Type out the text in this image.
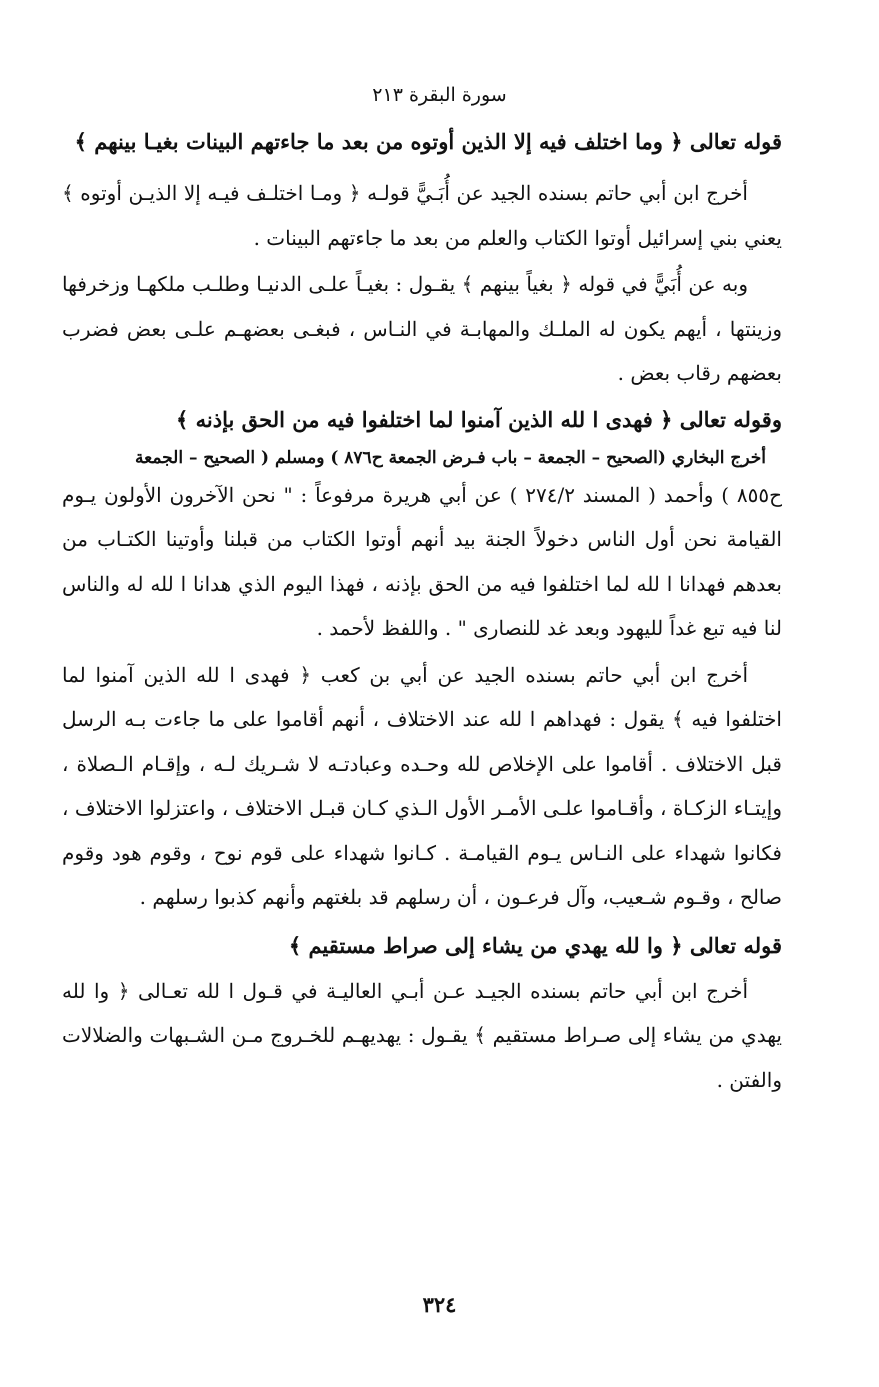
سورة البقرة ٢١٣

قوله تعالى ﴿ وما اختلف فيه إلا الذين أوتوه من بعد ما جاءتهم البينات بغيـا بينهم ﴾

أخرج ابن أبي حاتم بسنده الجيد عن أُبَـيًّ قولـه ﴿ ومـا اختلـف فيـه إلا الذيـن أوتوه ﴾ يعني بني إسرائيل أوتوا الكتاب والعلم من بعد ما جاءتهم البينات .

وبه عن أُبَيًّ في قوله ﴿ بغياً بينهم ﴾ يقـول : بغيـاً علـى الدنيـا وطلـب ملكهـا وزخرفها وزينتها ، أيهم يكون له الملـك والمهابـة في النـاس ، فبغـى بعضهـم علـى بعض فضرب بعضهم رقاب بعض .

وقوله تعالى ﴿ فهدى ا لله الذين آمنوا لما اختلفوا فيه من الحق بإذنه ﴾

أخرج البخاري (الصحيح – الجمعة – باب فـرض الجمعة ح٨٧٦ ) ومسلم ( الصحيح – الجمعة

ح٨٥٥ ) وأحمد ( المسند ٢٧٤/٢ ) عن أبي هريرة مرفوعاً : " نحن الآخرون الأولون يـوم القيامة نحن أول الناس دخولاً الجنة بيد أنهم أوتوا الكتاب من قبلنا وأوتينا الكتـاب من بعدهم فهدانا ا لله لما اختلفوا فيه من الحق بإذنه ، فهذا اليوم الذي هدانا ا لله له والناس لنا فيه تبع غداً لليهود وبعد غد للنصارى " . واللفظ لأحمد .

أخرج ابن أبي حاتم بسنده الجيد عن أبي بن كعب ﴿ فهدى ا لله الذين آمنوا لما اختلفوا فيه ﴾ يقول : فهداهم ا لله عند الاختلاف ، أنهم أقاموا على ما جاءت بـه الرسل قبل الاختلاف . أقاموا على الإخلاص لله وحـده وعبادتـه لا شـريك لـه ، وإقـام الـصلاة ، وإيتـاء الزكـاة ، وأقـاموا علـى الأمـر الأول الـذي كـان قبـل الاختلاف ، واعتزلوا الاختلاف ، فكانوا شهداء على النـاس يـوم القيامـة . كـانوا شهداء على قوم نوح ، وقوم هود وقوم صالح ، وقـوم شـعيب، وآل فرعـون ، أن رسلهم قد بلغتهم وأنهم كذبوا رسلهم .

قوله تعالى ﴿ وا لله يهدي من يشاء إلى صراط مستقيم ﴾

أخرج ابن أبي حاتم بسنده الجيـد عـن أبـي العاليـة في قـول ا لله تعـالى ﴿ وا لله يهدي من يشاء إلى صـراط مستقيم ﴾ يقـول : يهديهـم للخـروج مـن الشـبهات والضلالات والفتن .

٣٢٤
